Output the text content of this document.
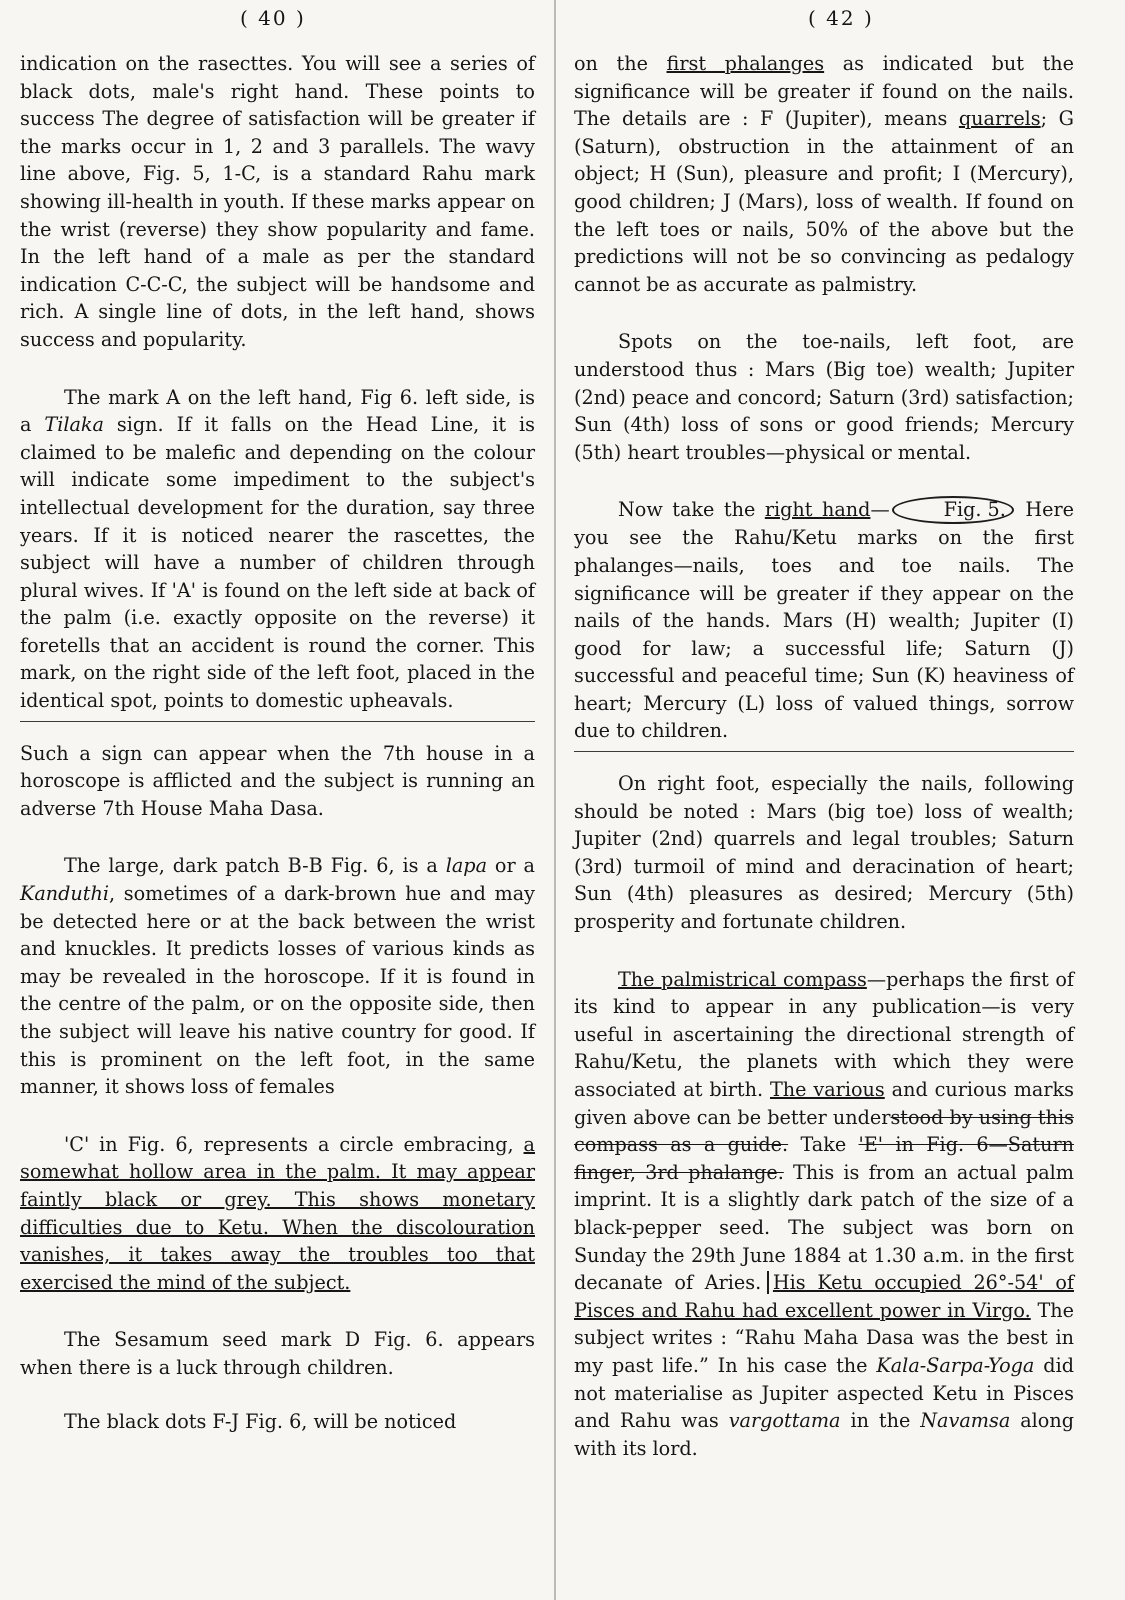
( 40 )	( 42 )

indication on the rasecttes. You will see a series of black dots, male's right hand. These points to success The degree of satisfaction will be greater if the marks occur in 1, 2 and 3 parallels. The wavy line above, Fig. 5, 1-C, is a standard Rahu mark showing ill-health in youth. If these marks appear on the wrist (reverse) they show popularity and fame. In the left hand of a male as per the standard indication C-C-C, the subject will be handsome and rich. A single line of dots, in the left hand, shows success and popularity.

The mark A on the left hand, Fig 6. left side, is a Tilaka sign. If it falls on the Head Line, it is claimed to be malefic and depending on the colour will indicate some impediment to the subject's intellectual development for the duration, say three years. If it is noticed nearer the rascettes, the subject will have a number of children through plural wives. If 'A' is found on the left side at back of the palm (i.e. exactly opposite on the reverse) it foretells that an accident is round the corner. This mark, on the right side of the left foot, placed in the identical spot, points to domestic upheavals.

Such a sign can appear when the 7th house in a horoscope is afflicted and the subject is running an adverse 7th House Maha Dasa.

The large, dark patch B-B Fig. 6, is a lapa or a Kanduthi, sometimes of a dark-brown hue and may be detected here or at the back between the wrist and knuckles. It predicts losses of various kinds as may be revealed in the horoscope. If it is found in the centre of the palm, or on the opposite side, then the subject will leave his native country for good. If this is prominent on the left foot, in the same manner, it shows loss of females

'C' in Fig. 6, represents a circle embracing, a somewhat hollow area in the palm. It may appear faintly black or grey. This shows monetary difficulties due to Ketu. When the discolouration vanishes, it takes away the troubles too that exercised the mind of the subject.

The Sesamum seed mark D Fig. 6. appears when there is a luck through children.

The black dots F-J Fig. 6, will be noticed

on the first phalanges as indicated but the significance will be greater if found on the nails. The details are : F (Jupiter), means quarrels; G (Saturn), obstruction in the attainment of an object; H (Sun), pleasure and profit; I (Mercury), good children; J (Mars), loss of wealth. If found on the left toes or nails, 50% of the above but the predictions will not be so convincing as pedalogy cannot be as accurate as palmistry.

Spots on the toe-nails, left foot, are understood thus : Mars (Big toe) wealth; Jupiter (2nd) peace and concord; Saturn (3rd) satisfaction; Sun (4th) loss of sons or good friends; Mercury (5th) heart troubles—physical or mental.

Now take the right hand—	Fig. 5. Here you see the Rahu/Ketu marks on the first phalanges—nails, toes and toe nails. The significance will be greater if they appear on the nails of the hands. Mars (H) wealth; Jupiter (I) good for law; a successful life; Saturn (J) successful and peaceful time; Sun (K) heaviness of heart; Mercury (L) loss of valued things, sorrow due to children.

On right foot, especially the nails, following should be noted : Mars (big toe) loss of wealth; Jupiter (2nd) quarrels and legal troubles; Saturn (3rd) turmoil of mind and deracination of heart; Sun (4th) pleasures as desired; Mercury (5th) prosperity and fortunate children.

The palmistrical compass—perhaps the first of its kind to appear in any publication—is very useful in ascertaining the directional strength of Rahu/Ketu, the planets with which they were associated at birth. The various and curious marks given above can be better understood by using this compass as a guide. Take 'E' in Fig. 6—Saturn finger, 3rd phalange. This is from an actual palm imprint. It is a slightly dark patch of the size of a black-pepper seed. The subject was born on Sunday the 29th June 1884 at 1.30 a.m. in the first decanate of Aries. His Ketu occupied 26°-54' of Pisces and Rahu had excellent power in Virgo. The subject writes : “Rahu Maha Dasa was the best in my past life.” In his case the Kala-Sarpa-Yoga did not materialise as Jupiter aspected Ketu in Pisces and Rahu was vargottama in the Navamsa along with its lord.
